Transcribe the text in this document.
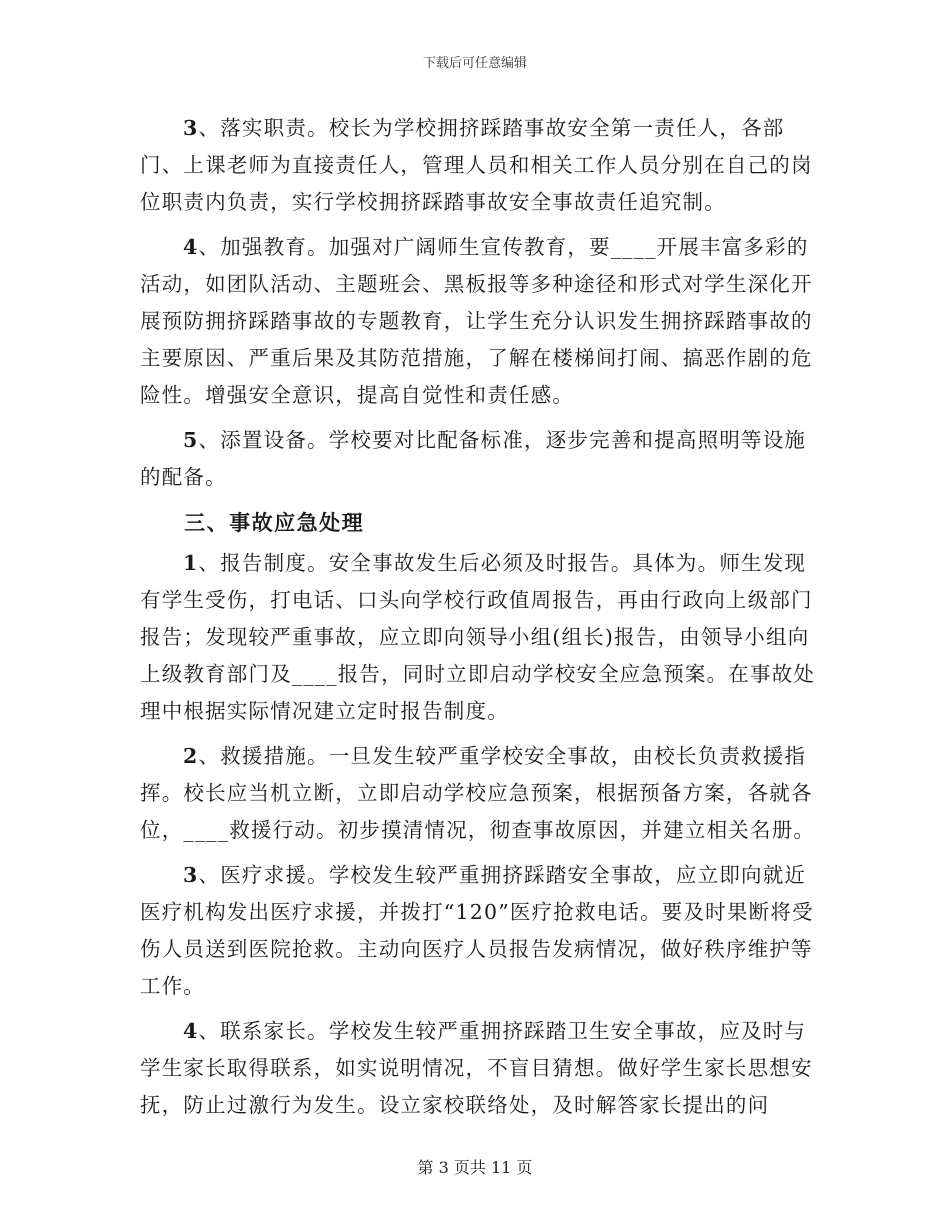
下载后可任意编辑

3、落实职责。校长为学校拥挤踩踏事故安全第一责任人，各部门、上课老师为直接责任人，管理人员和相关工作人员分别在自己的岗位职责内负责，实行学校拥挤踩踏事故安全事故责任追究制。

4、加强教育。加强对广阔师生宣传教育，要____开展丰富多彩的活动，如团队活动、主题班会、黑板报等多种途径和形式对学生深化开展预防拥挤踩踏事故的专题教育，让学生充分认识发生拥挤踩踏事故的主要原因、严重后果及其防范措施，了解在楼梯间打闹、搞恶作剧的危险性。增强安全意识，提高自觉性和责任感。

5、添置设备。学校要对比配备标准，逐步完善和提高照明等设施的配备。

三、事故应急处理

1、报告制度。安全事故发生后必须及时报告。具体为。师生发现有学生受伤，打电话、口头向学校行政值周报告，再由行政向上级部门报告；发现较严重事故，应立即向领导小组(组长)报告，由领导小组向上级教育部门及____报告，同时立即启动学校安全应急预案。在事故处理中根据实际情况建立定时报告制度。

2、救援措施。一旦发生较严重学校安全事故，由校长负责救援指挥。校长应当机立断，立即启动学校应急预案，根据预备方案，各就各位，____救援行动。初步摸清情况，彻查事故原因，并建立相关名册。

3、医疗求援。学校发生较严重拥挤踩踏安全事故，应立即向就近医疗机构发出医疗求援，并拨打“120”医疗抢救电话。要及时果断将受伤人员送到医院抢救。主动向医疗人员报告发病情况，做好秩序维护等工作。

4、联系家长。学校发生较严重拥挤踩踏卫生安全事故，应及时与学生家长取得联系，如实说明情况，不盲目猜想。做好学生家长思想安抚，防止过激行为发生。设立家校联络处，及时解答家长提出的问

第 3 页共 11 页
